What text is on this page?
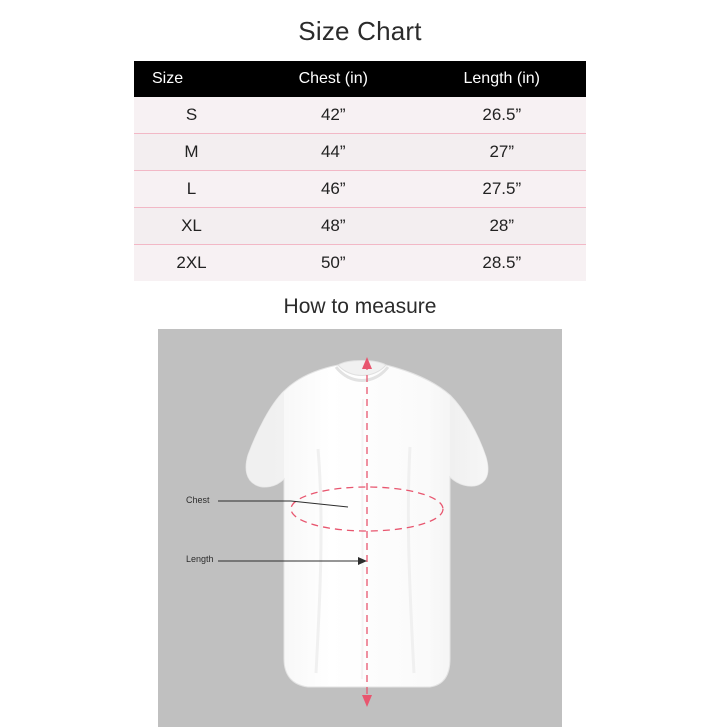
Size Chart
Size	Chest (in)	Length (in)
S	42”	26.5”
M	44”	27”
L	46”	27.5”
XL	48”	28”
2XL	50”	28.5”
How to measure
Chest
Length
